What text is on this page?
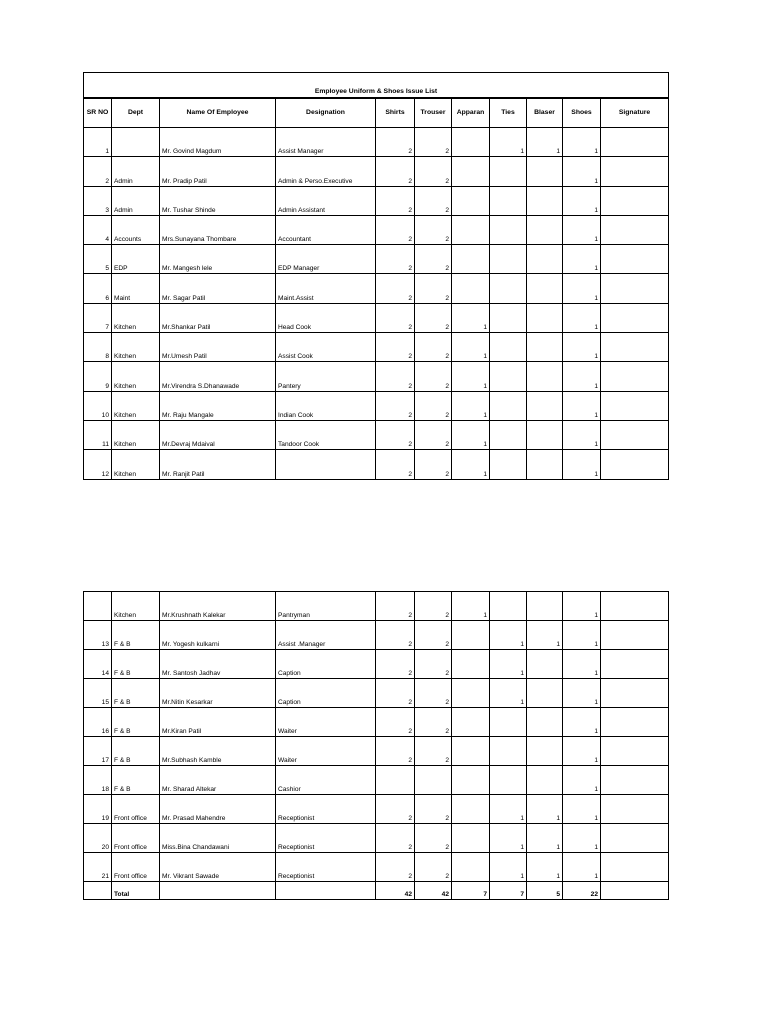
Employee Uniform & Shoes Issue List										
SR NO	Dept	Name Of Employee	Designation	Shirts	Trouser	Apparan	Ties	Blaser	Shoes	Signature
1		Mr. Govind Magdum	Assist Manager	2	2		1	1	1	
2	Admin	Mr. Pradip Patil	Admin & Perso.Executive	2	2				1	
3	Admin	Mr. Tushar Shinde	Admin Assistant	2	2				1	
4	Accounts	Mrs.Sunayana Thombare	Accountant	2	2				1	
5	EDP	Mr. Mangesh lele	EDP Manager	2	2				1	
6	Maint	Mr. Sagar Patil	Maint.Assist	2	2				1	
7	Kitchen	Mr.Shankar Patil	Head Cook	2	2	1			1	
8	Kitchen	Mr.Umesh Patil	Assist Cook	2	2	1			1	
9	Kitchen	Mr.Virendra S.Dhanawade	Pantery	2	2	1			1	
10	Kitchen	Mr. Raju Mangale	Indian Cook	2	2	1			1	
11	Kitchen	Mr.Devraj Mdaival	Tandoor Cook	2	2	1			1	
12	Kitchen	Mr. Ranjit Patil		2	2	1			1	
	Kitchen	Mr.Krushnath Kalekar	Pantryman	2	2	1			1	
13	F & B	Mr. Yogesh kulkarni	Assist .Manager	2	2		1	1	1	
14	F & B	Mr. Santosh Jadhav	Caption	2	2		1		1	
15	F & B	Mr.Nitin Kesarkar	Caption	2	2		1		1	
16	F & B	Mr.Kiran Patil	Waiter	2	2				1	
17	F & B	Mr.Subhash Kamble	Waiter	2	2				1	
18	F & B	Mr. Sharad Altekar	Cashior						1	
19	Front office	Mr. Prasad Mahendre	Receptionist	2	2		1	1	1	
20	Front office	Miss.Bina Chandawani	Receptionist	2	2		1	1	1	
21	Front office	Mr. Vikrant Sawade	Receptionist	2	2		1	1	1	
	Total			42	42	7	7	5	22	
